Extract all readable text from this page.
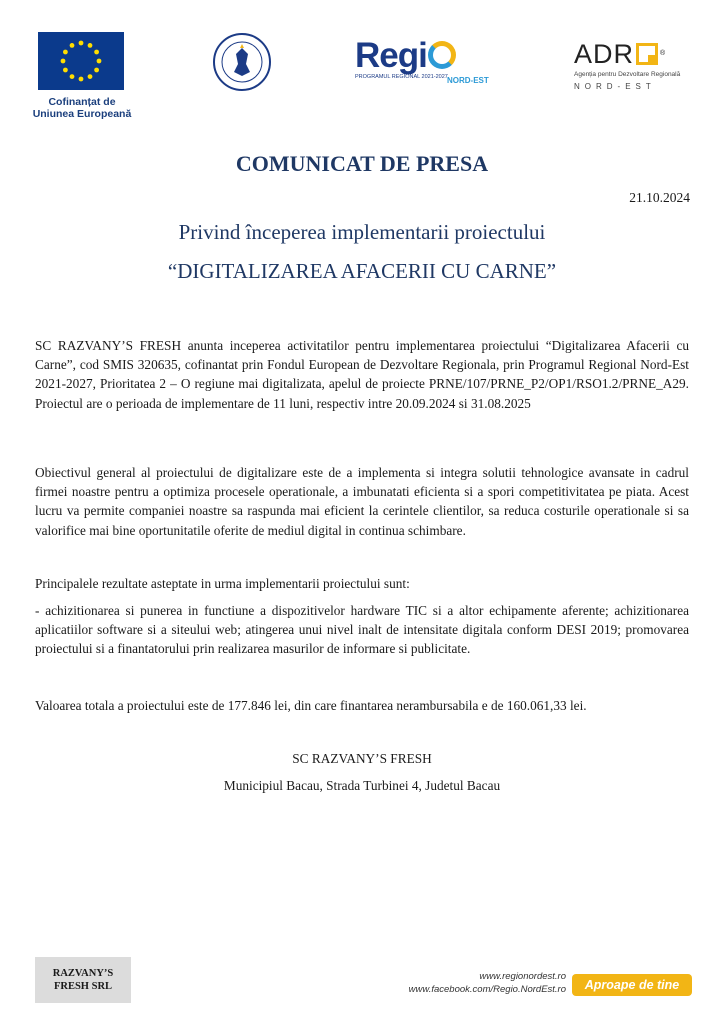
Cofinanțat de
Uniunea Europeană
Regi
PROGRAMUL REGIONAL 2021-2027 NORD-EST
ADR	®
Agenția pentru Dezvoltare Regională
NORD-EST
COMUNICAT DE PRESA
21.10.2024
Privind începerea implementarii proiectului
“DIGITALIZAREA AFACERII CU CARNE”

SC RAZVANY’S FRESH anunta inceperea activitatilor pentru implementarea proiectului “Digitalizarea Afacerii cu Carne”, cod SMIS 320635, cofinantat prin Fondul European de Dezvoltare Regionala, prin Programul Regional Nord-Est 2021-2027, Prioritatea 2 – O regiune mai digitalizata, apelul de proiecte PRNE/107/PRNE_P2/OP1/RSO1.2/PRNE_A29. Proiectul are o perioada de implementare de 11 luni, respectiv intre 20.09.2024 si 31.08.2025

Obiectivul general al proiectului de digitalizare este de a implementa si integra solutii tehnologice avansate in cadrul firmei noastre pentru a optimiza procesele operationale, a imbunatati eficienta si a spori competitivitatea pe piata. Acest lucru va permite companiei noastre sa raspunda mai eficient la cerintele clientilor, sa reduca costurile operationale si sa valorifice mai bine oportunitatile oferite de mediul digital in continua schimbare.

Principalele rezultate asteptate in urma implementarii proiectului sunt:

- achizitionarea si punerea in functiune a dispozitivelor hardware TIC si a altor echipamente aferente; achizitionarea aplicatiilor software si a siteului web; atingerea unui nivel inalt de intensitate digitala conform DESI 2019; promovarea proiectului si a finantatorului prin realizarea masurilor de informare si publicitate.

Valoarea totala a proiectului este de 177.846 lei, din care finantarea nerambursabila e de 160.061,33 lei.

SC RAZVANY’S FRESH
Municipiul Bacau, Strada Turbinei 4, Judetul Bacau
RAZVANY’S
FRESH SRL
www.regionordest.ro
www.facebook.com/Regio.NordEst.ro	Aproape de tine
